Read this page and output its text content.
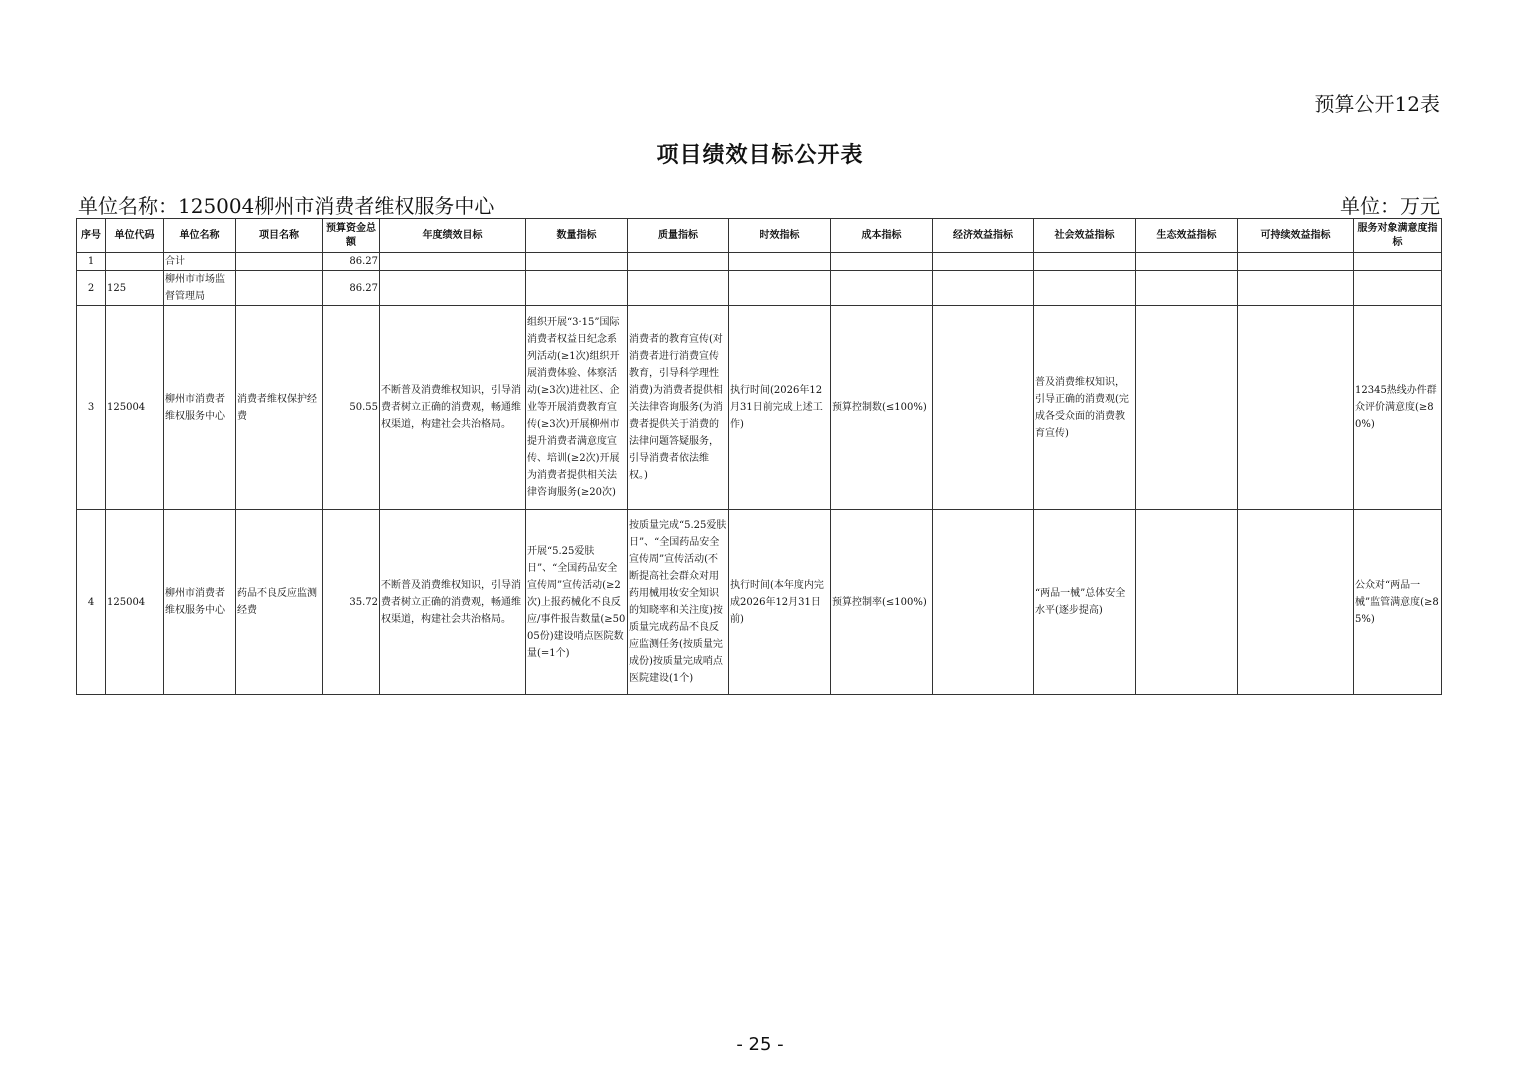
预算公开12表
项目绩效目标公开表
单位名称：125004柳州市消费者维权服务中心	单位：万元
序号	单位代码	单位名称	项目名称	预算资金总额	年度绩效目标	数量指标	质量指标	时效指标	成本指标	经济效益指标	社会效益指标	生态效益指标	可持续效益指标	服务对象满意度指标
1		合计		86.27										
2	125	柳州市市场监督管理局		86.27										
3	125004	柳州市消费者维权服务中心	消费者维权保护经费	50.55	不断普及消费维权知识，引导消费者树立正确的消费观，畅通维权渠道，构建社会共治格局。	组织开展“3·15”国际消费者权益日纪念系列活动(≥1次)组织开展消费体验、体察活动(≥3次)进社区、企业等开展消费教育宣传(≥3次)开展柳州市提升消费者满意度宣传、培训(≥2次)开展为消费者提供相关法律咨询服务(≥20次)	消费者的教育宣传(对消费者进行消费宣传教育，引导科学理性消费)为消费者提供相关法律咨询服务(为消费者提供关于消费的法律问题答疑服务，引导消费者依法维权。)	执行时间(2026年12月31日前完成上述工作)	预算控制数(≤100%)		普及消费维权知识，引导正确的消费观(完成各受众面的消费教育宣传)			12345热线办件群众评价满意度(≥80%)
4	125004	柳州市消费者维权服务中心	药品不良反应监测经费	35.72	不断普及消费维权知识，引导消费者树立正确的消费观，畅通维权渠道，构建社会共治格局。	开展“5.25爱肤日”、“全国药品安全宣传周”宣传活动(≥2次)上报药械化不良反应/事件报告数量(≥5005份)建设哨点医院数量(=1个)	按质量完成“5.25爱肤日”、“全国药品安全宣传周”宣传活动(不断提高社会群众对用药用械用妆安全知识的知晓率和关注度)按质量完成药品不良反应监测任务(按质量完成份)按质量完成哨点医院建设(1个)	执行时间(本年度内完成2026年12月31日前)	预算控制率(≤100%)		“两品一械”总体安全水平(逐步提高)			公众对“两品一械”监管满意度(≥85%)
- 25 -
